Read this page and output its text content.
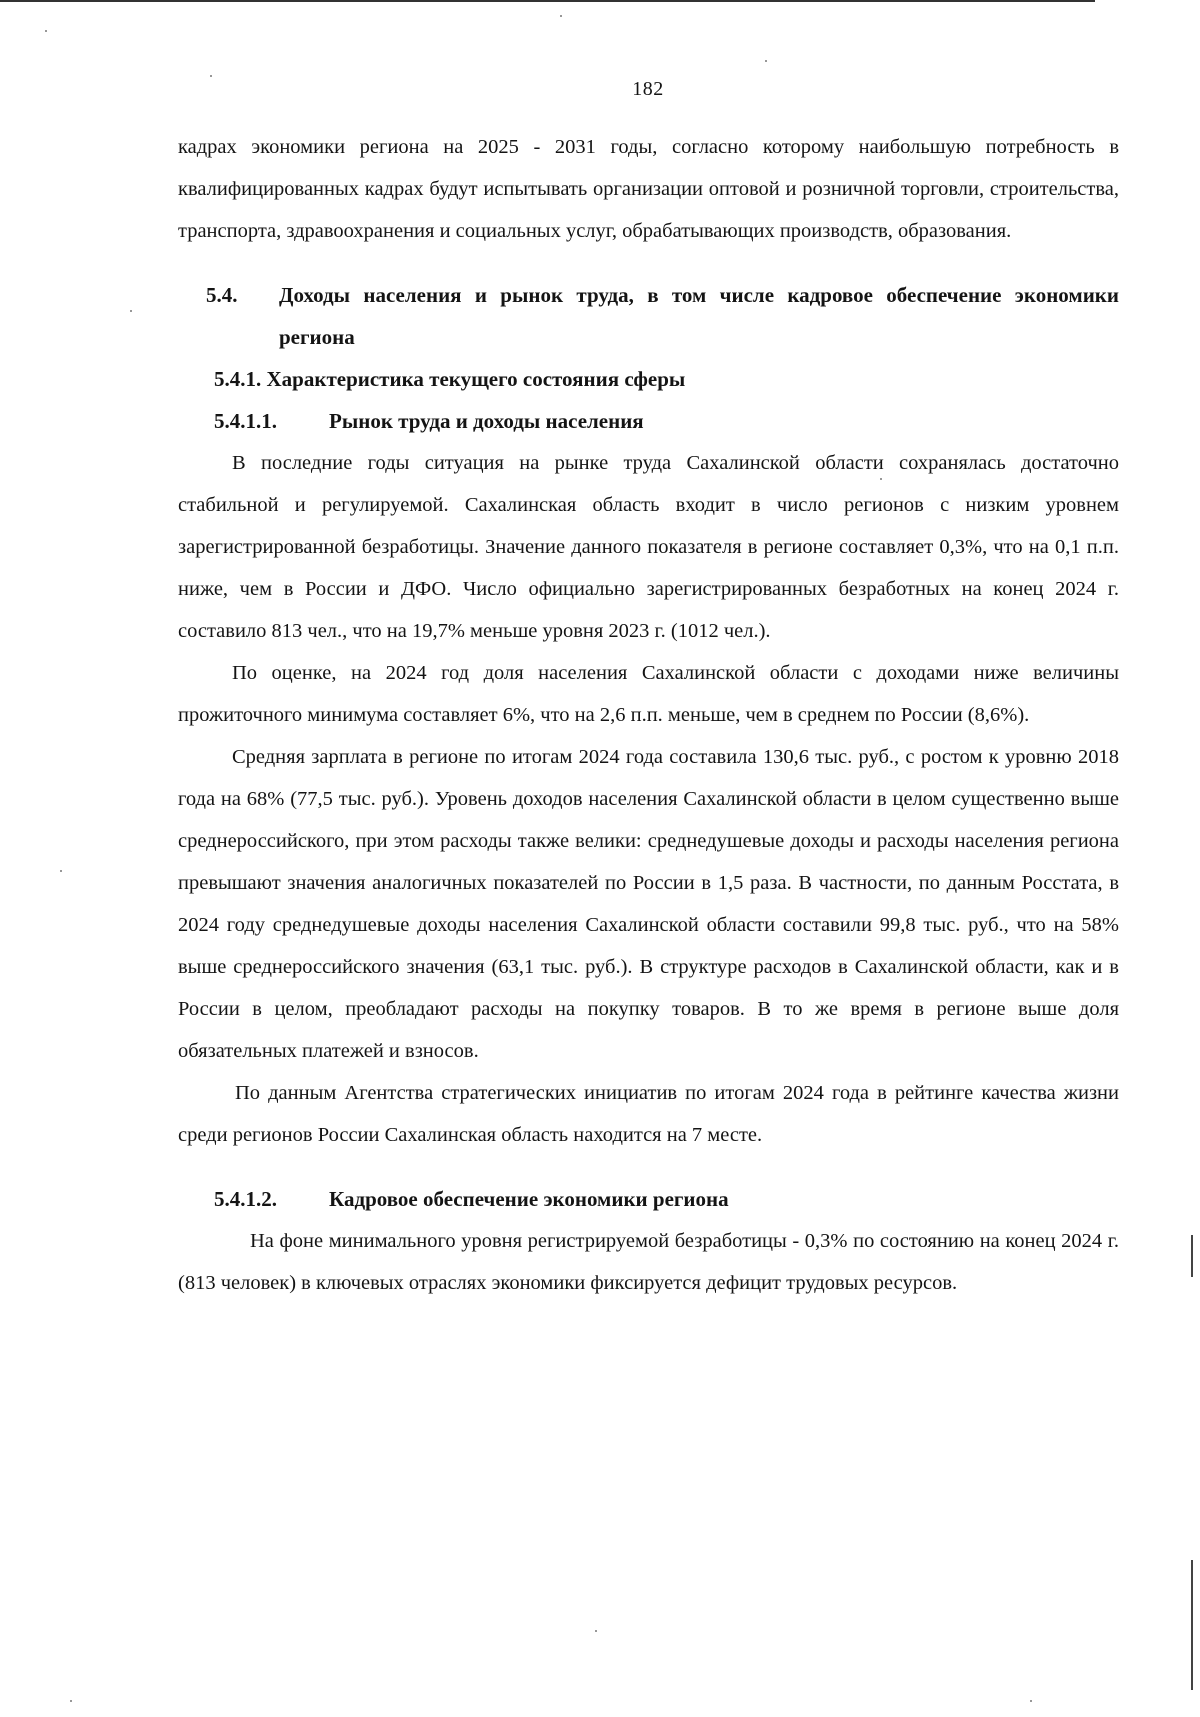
182

кадрах экономики региона на 2025 - 2031 годы, согласно которому наибольшую потребность в квалифицированных кадрах будут испытывать организации оптовой и розничной торговли, строительства, транспорта, здравоохранения и социальных услуг, обрабатывающих производств, образования.

5.4.	Доходы населения и рынок труда, в том числе кадровое обеспечение экономики региона
5.4.1. Характеристика текущего состояния сферы
5.4.1.1.	Рынок труда и доходы населения

В последние годы ситуация на рынке труда Сахалинской области сохранялась достаточно стабильной и регулируемой. Сахалинская область входит в число регионов с низким уровнем зарегистрированной безработицы. Значение данного показателя в регионе составляет 0,3%, что на 0,1 п.п. ниже, чем в России и ДФО. Число официально зарегистрированных безработных на конец 2024 г. составило 813 чел., что на 19,7% меньше уровня 2023 г. (1012 чел.).

По оценке, на 2024 год доля населения Сахалинской области с доходами ниже величины прожиточного минимума составляет 6%, что на 2,6 п.п. меньше, чем в среднем по России (8,6%).

Средняя зарплата в регионе по итогам 2024 года составила 130,6 тыс. руб., с ростом к уровню 2018 года на 68% (77,5 тыс. руб.). Уровень доходов населения Сахалинской области в целом существенно выше среднероссийского, при этом расходы также велики: среднедушевые доходы и расходы населения региона превышают значения аналогичных показателей по России в 1,5 раза. В частности, по данным Росстата, в 2024 году среднедушевые доходы населения Сахалинской области составили 99,8 тыс. руб., что на 58% выше среднероссийского значения (63,1 тыс. руб.). В структуре расходов в Сахалинской области, как и в России в целом, преобладают расходы на покупку товаров. В то же время в регионе выше доля обязательных платежей и взносов.

По данным Агентства стратегических инициатив по итогам 2024 года в рейтинге качества жизни среди регионов России Сахалинская область находится на 7 месте.

5.4.1.2.	Кадровое обеспечение экономики региона

На фоне минимального уровня регистрируемой безработицы - 0,3% по состоянию на конец 2024 г. (813 человек) в ключевых отраслях экономики фиксируется дефицит трудовых ресурсов.
